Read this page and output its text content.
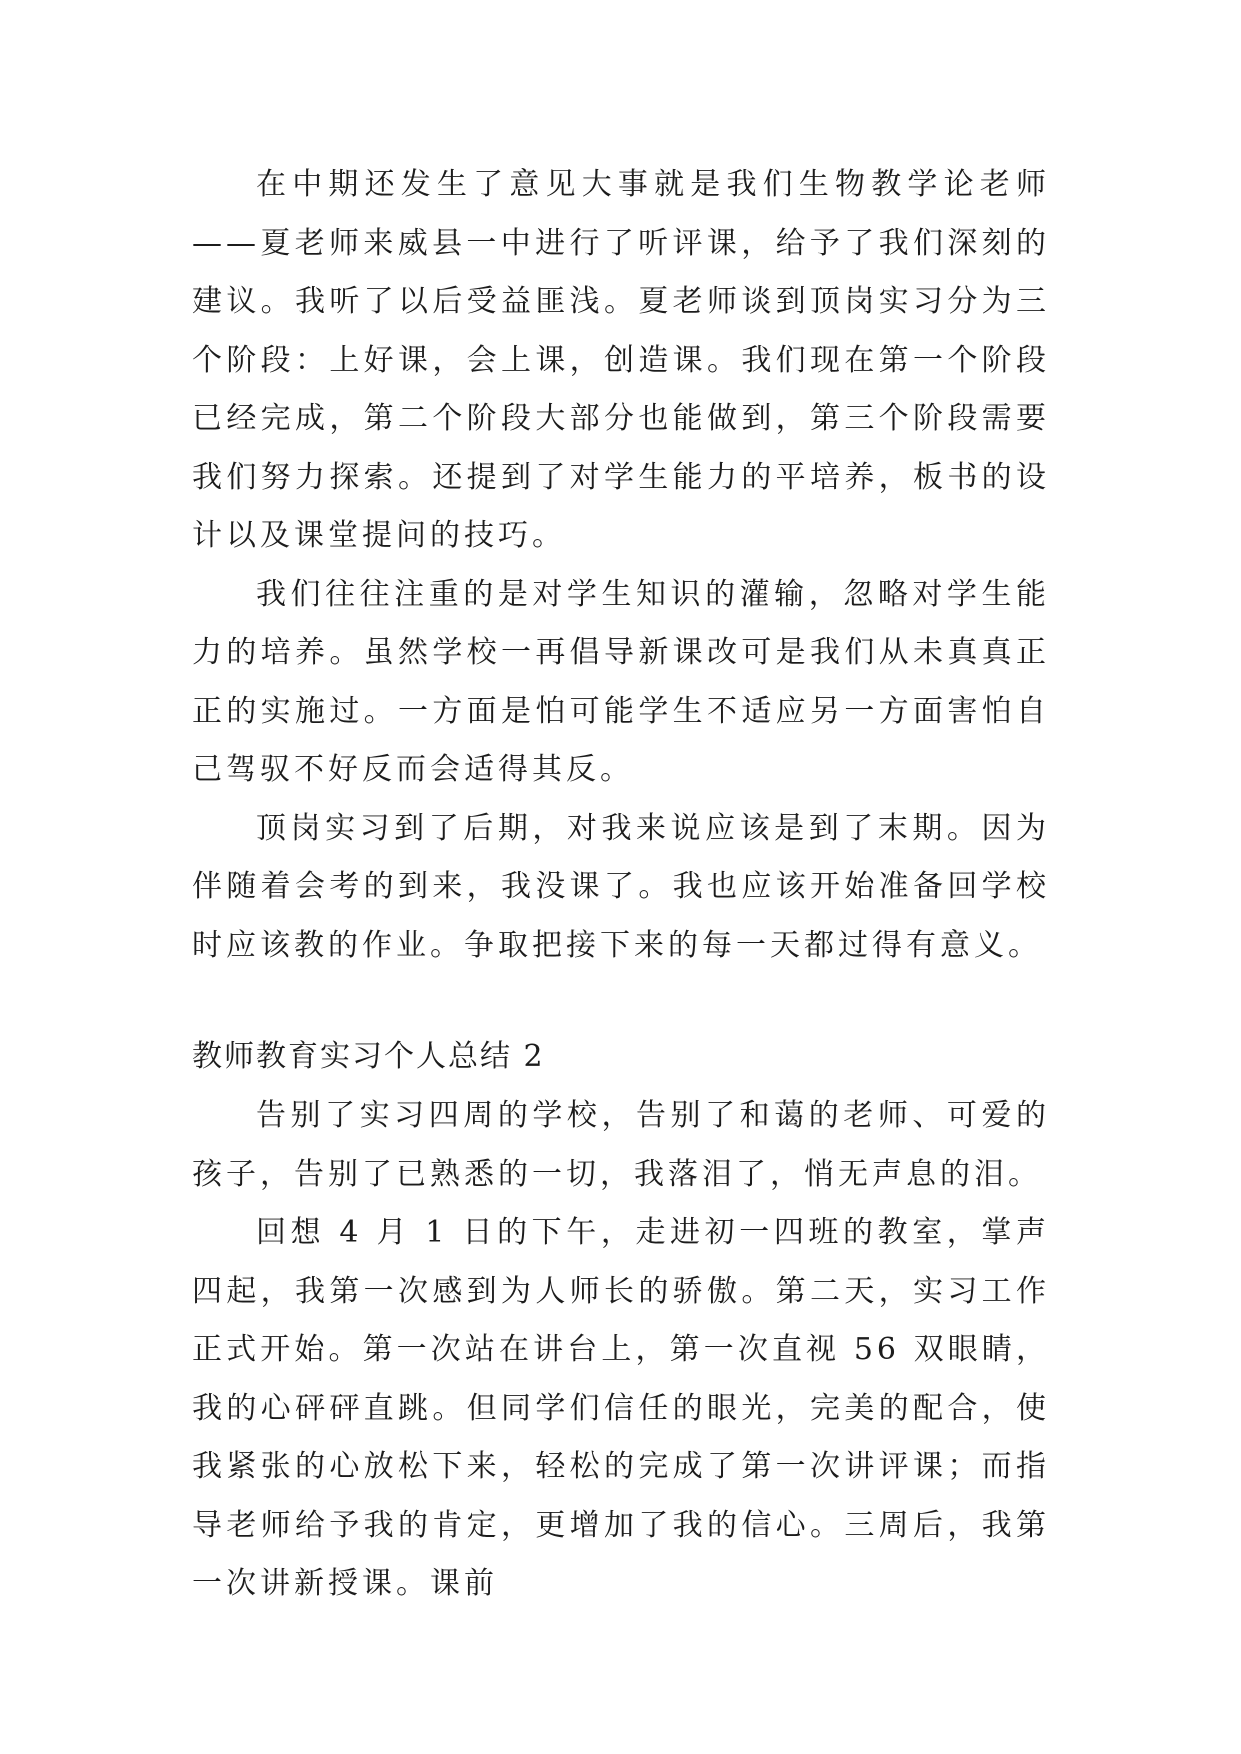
在中期还发生了意见大事就是我们生物教学论老师——夏老师来威县一中进行了听评课，给予了我们深刻的建议。我听了以后受益匪浅。夏老师谈到顶岗实习分为三个阶段：上好课，会上课，创造课。我们现在第一个阶段已经完成，第二个阶段大部分也能做到，第三个阶段需要我们努力探索。还提到了对学生能力的平培养，板书的设计以及课堂提问的技巧。

我们往往注重的是对学生知识的灌输，忽略对学生能力的培养。虽然学校一再倡导新课改可是我们从未真真正正的实施过。一方面是怕可能学生不适应另一方面害怕自己驾驭不好反而会适得其反。

顶岗实习到了后期，对我来说应该是到了末期。因为伴随着会考的到来，我没课了。我也应该开始准备回学校时应该教的作业。争取把接下来的每一天都过得有意义。

教师教育实习个人总结 2

告别了实习四周的学校，告别了和蔼的老师、可爱的孩子，告别了已熟悉的一切，我落泪了，悄无声息的泪。

回想 4 月 1 日的下午，走进初一四班的教室，掌声四起，我第一次感到为人师长的骄傲。第二天，实习工作正式开始。第一次站在讲台上，第一次直视 56 双眼睛，我的心砰砰直跳。但同学们信任的眼光，完美的配合，使我紧张的心放松下来，轻松的完成了第一次讲评课；而指导老师给予我的肯定，更增加了我的信心。三周后，我第一次讲新授课。课前
